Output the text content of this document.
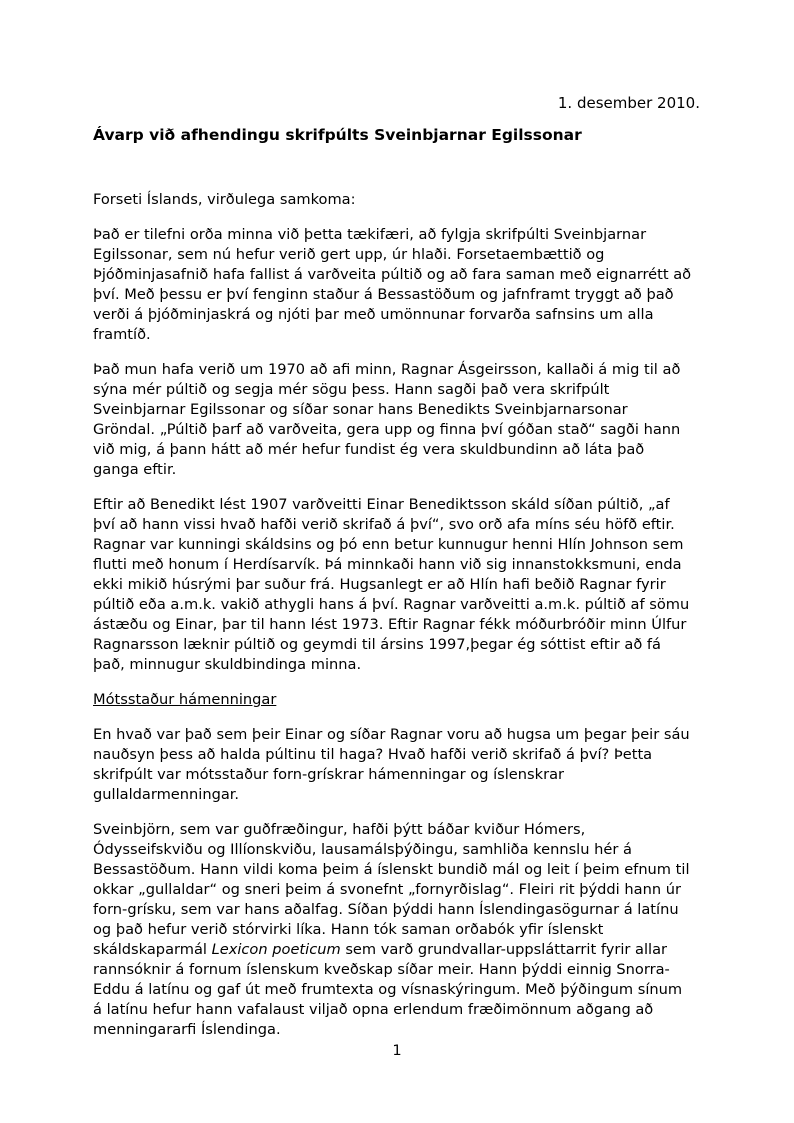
1. desember 2010.
Ávarp við afhendingu skrifpúlts Sveinbjarnar Egilssonar

Forseti Íslands, virðulega samkoma:

Það er tilefni orða minna við þetta tækifæri, að fylgja skrifpúlti Sveinbjarnar
Egilssonar, sem nú hefur verið gert upp, úr hlaði. Forsetaembættið og
Þjóðminjasafnið hafa fallist á varðveita púltið og að fara saman með eignarrétt að
því. Með þessu er því fenginn staður á Bessastöðum og jafnframt tryggt að það
verði á þjóðminjaskrá og njóti þar með umönnunar forvarða safnsins um alla
framtíð.

Það mun hafa verið um 1970 að afi minn, Ragnar Ásgeirsson, kallaði á mig til að
sýna mér púltið og segja mér sögu þess. Hann sagði það vera skrifpúlt
Sveinbjarnar Egilssonar og síðar sonar hans Benedikts Sveinbjarnarsonar
Gröndal. „Púltið þarf að varðveita, gera upp og finna því góðan stað“ sagði hann
við mig, á þann hátt að mér hefur fundist ég vera skuldbundinn að láta það
ganga eftir.

Eftir að Benedikt lést 1907 varðveitti Einar Benediktsson skáld síðan púltið, „af
því að hann vissi hvað hafði verið skrifað á því“, svo orð afa míns séu höfð eftir.
Ragnar var kunningi skáldsins og þó enn betur kunnugur henni Hlín Johnson sem
flutti með honum í Herdísarvík. Þá minnkaði hann við sig innanstokksmuni, enda
ekki mikið húsrými þar suður frá. Hugsanlegt er að Hlín hafi beðið Ragnar fyrir
púltið eða a.m.k. vakið athygli hans á því. Ragnar varðveitti a.m.k. púltið af sömu
ástæðu og Einar, þar til hann lést 1973. Eftir Ragnar fékk móðurbróðir minn Úlfur
Ragnarsson læknir púltið og geymdi til ársins 1997,þegar ég sóttist eftir að fá
það, minnugur skuldbindinga minna.

Mótsstaður hámenningar

En hvað var það sem þeir Einar og síðar Ragnar voru að hugsa um þegar þeir sáu
nauðsyn þess að halda púltinu til haga? Hvað hafði verið skrifað á því? Þetta
skrifpúlt var mótsstaður forn-grískrar hámenningar og íslenskrar
gullaldarmenningar.

Sveinbjörn, sem var guðfræðingur, hafði þýtt báðar kviður Hómers,
Ódysseifskviðu og Illíonskviðu, lausamálsþýðingu, samhliða kennslu hér á
Bessastöðum. Hann vildi koma þeim á íslenskt bundið mál og leit í þeim efnum til
okkar „gullaldar“ og sneri þeim á svonefnt „fornyrðislag“. Fleiri rit þýddi hann úr
forn-grísku, sem var hans aðalfag. Síðan þýddi hann Íslendingasögurnar á latínu
og það hefur verið stórvirki líka. Hann tók saman orðabók yfir íslenskt
skáldskaparmál Lexicon poeticum sem varð grundvallar-uppsláttarrit fyrir allar
rannsóknir á fornum íslenskum kveðskap síðar meir. Hann þýddi einnig Snorra-
Eddu á latínu og gaf út með frumtexta og vísnaskýringum. Með þýðingum sínum
á latínu hefur hann vafalaust viljað opna erlendum fræðimönnum aðgang að
menningararfi Íslendinga.

1
